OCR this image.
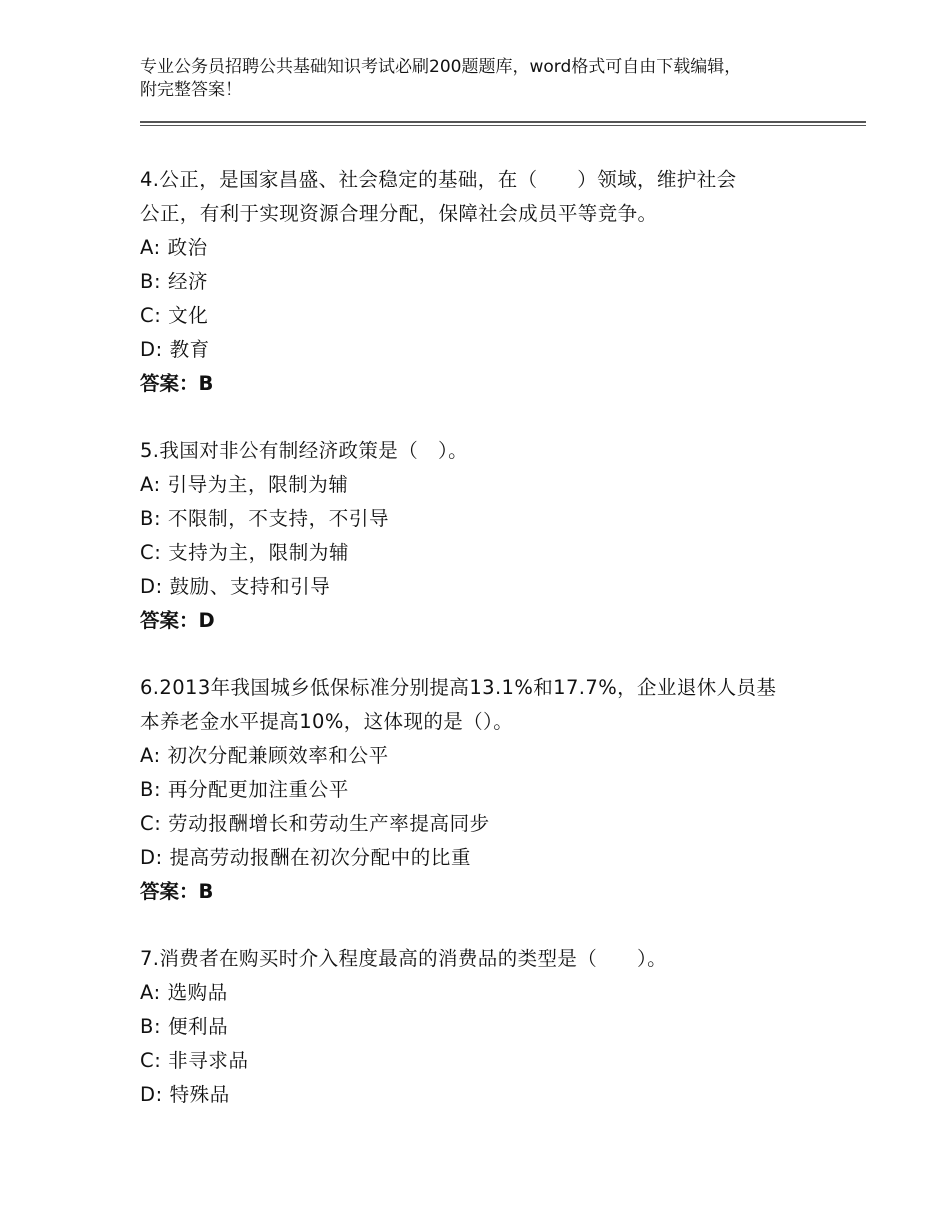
专业公务员招聘公共基础知识考试必刷200题题库，word格式可自由下载编辑，
附完整答案！
4.公正，是国家昌盛、社会稳定的基础，在（　　）领域，维护社会
公正，有利于实现资源合理分配，保障社会成员平等竞争。
A: 政治
B: 经济
C: 文化
D: 教育
答案：B
5.我国对非公有制经济政策是（　）。
A: 引导为主，限制为辅
B: 不限制，不支持，不引导
C: 支持为主，限制为辅
D: 鼓励、支持和引导
答案：D
6.2013年我国城乡低保标准分别提高13.1%和17.7%，企业退休人员基
本养老金水平提高10%，这体现的是（）。
A: 初次分配兼顾效率和公平
B: 再分配更加注重公平
C: 劳动报酬增长和劳动生产率提高同步
D: 提高劳动报酬在初次分配中的比重
答案：B
7.消费者在购买时介入程度最高的消费品的类型是（　　）。
A: 选购品
B: 便利品
C: 非寻求品
D: 特殊品
